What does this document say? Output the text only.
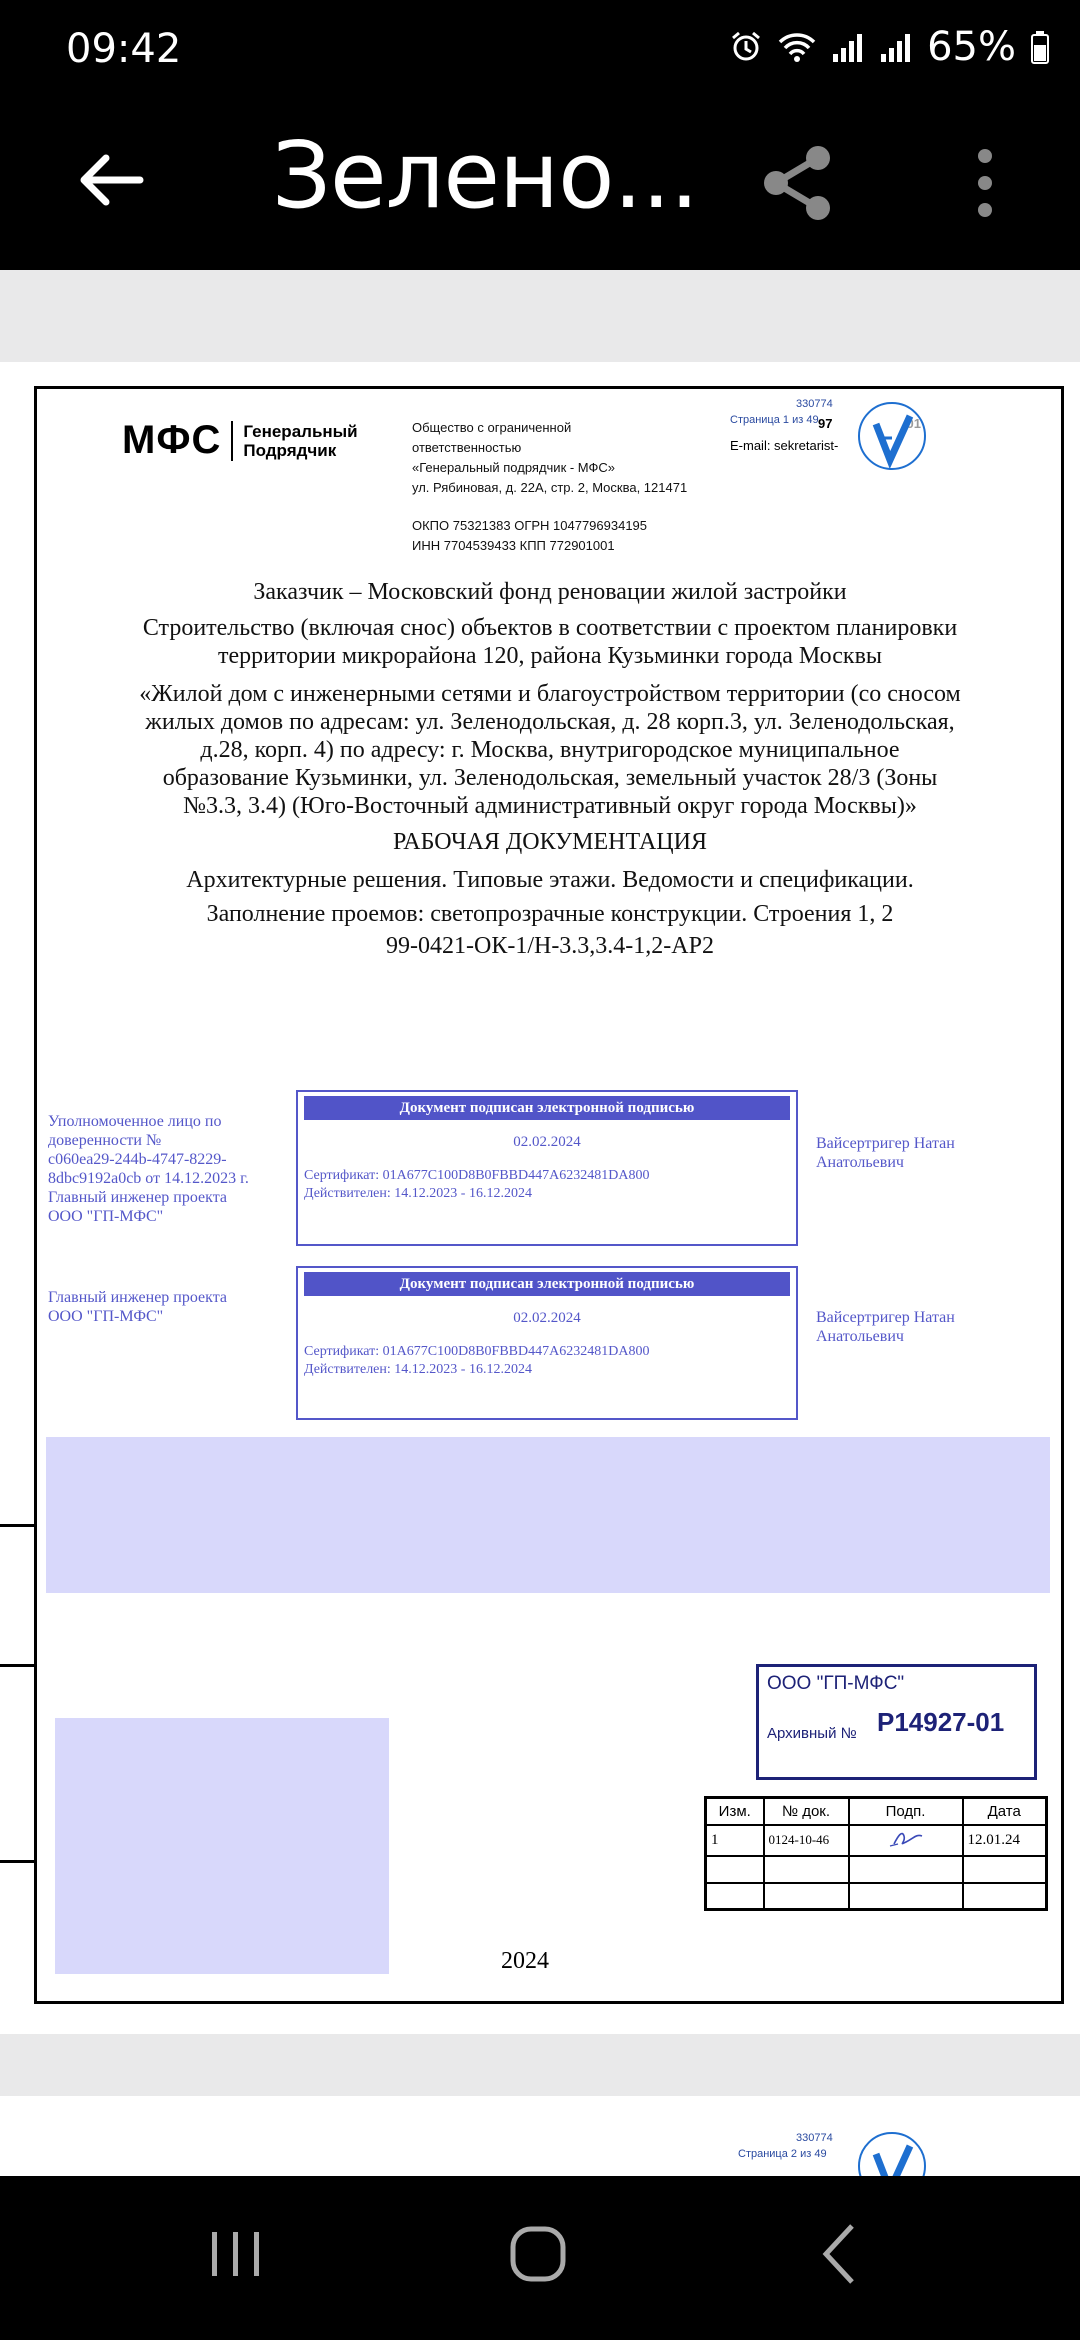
09:42	65%
Зелено...
МФС Генеральный
Подрядчик
Общество с ограниченной
ответственностью
«Генеральный подрядчик - МФС»
ул. Рябиновая, д. 22А, стр. 2, Москва, 121471
ОКПО 75321383 ОГРН 1047796934195
ИНН 7704539433 КПП 772901001
330774
Страница 1 из 49 97
E-mail: sekretarist-
Заказчик – Московский фонд реновации жилой застройки
Строительство (включая снос) объектов в соответствии с проектом планировки
территории микрорайона 120, района Кузьминки города Москвы
«Жилой дом с инженерными сетями и благоустройством территории (со сносом
жилых домов по адресам: ул. Зеленодольская, д. 28 корп.3, ул. Зеленодольская,
д.28, корп. 4) по адресу: г. Москва, внутригородское муниципальное
образование Кузьминки, ул. Зеленодольская, земельный участок 28/3 (Зоны
№3.3, 3.4) (Юго-Восточный административный округ города Москвы)»
РАБОЧАЯ ДОКУМЕНТАЦИЯ
Архитектурные решения. Типовые этажи. Ведомости и спецификации.
Заполнение проемов: светопрозрачные конструкции. Строения 1, 2
99-0421-ОК-1/Н-3.3,3.4-1,2-АР2
Уполномоченное лицо по
доверенности №
c060ea29-244b-4747-8229-
8dbc9192a0cb от 14.12.2023 г.
Главный инженер проекта
ООО "ГП-МФС"
Документ подписан электронной подписью
02.02.2024
Сертификат: 01A677C100D8B0FBBD447A6232481DA800
Действителен: 14.12.2023 - 16.12.2024
Вайсертригер Натан
Анатольевич
Главный инженер проекта
ООО "ГП-МФС"
Документ подписан электронной подписью
02.02.2024
Сертификат: 01A677C100D8B0FBBD447A6232481DA800
Действителен: 14.12.2023 - 16.12.2024
Вайсертригер Натан
Анатольевич
ООО "ГП-МФС"
Архивный № Р14927-01
Изм.	№ док.	Подп.	Дата
1	0124-10-46		12.01.24

2024
330774
Страница 2 из 49
